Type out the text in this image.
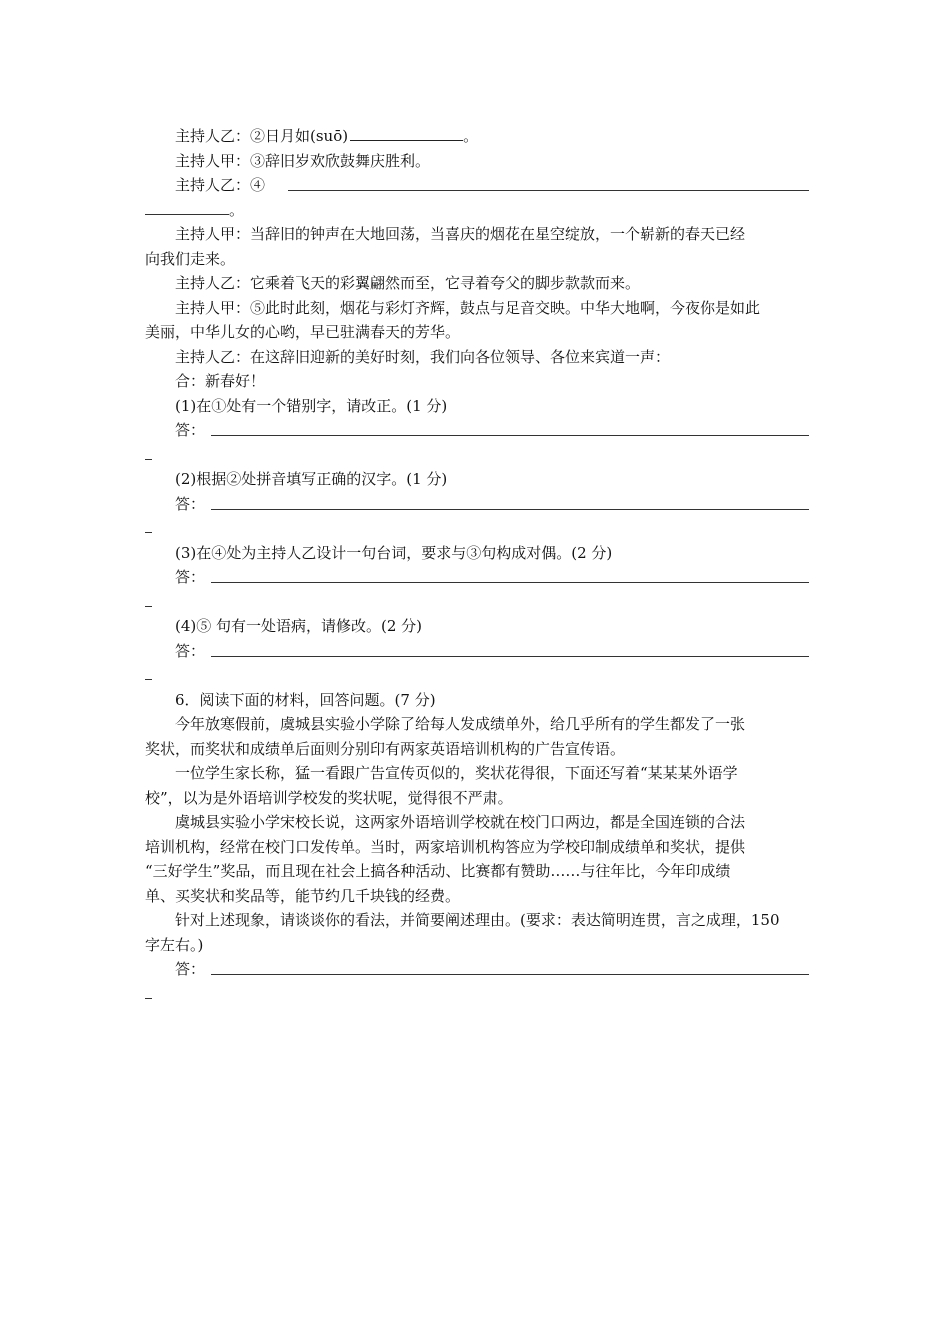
主持人乙：②日月如(suō)	。
主持人甲：③辞旧岁欢欣鼓舞庆胜利。
主持人乙：④
。
主持人甲：当辞旧的钟声在大地回荡，当喜庆的烟花在星空绽放，一个崭新的春天已经
向我们走来。
主持人乙：它乘着飞天的彩翼翩然而至，它寻着夸父的脚步款款而来。
主持人甲：⑤此时此刻，烟花与彩灯齐辉，鼓点与足音交映。中华大地啊，今夜你是如此
美丽，中华儿女的心哟，早已驻满春天的芳华。
主持人乙：在这辞旧迎新的美好时刻，我们向各位领导、各位来宾道一声：
合：新春好！
(1)在①处有一个错别字，请改正。(1 分)
答：
(2)根据②处拼音填写正确的汉字。(1 分)
答：
(3)在④处为主持人乙设计一句台词，要求与③句构成对偶。(2 分)
答：
(4)⑤ 句有一处语病，请修改。(2 分)
答：
6．阅读下面的材料，回答问题。(7 分)
今年放寒假前，虞城县实验小学除了给每人发成绩单外，给几乎所有的学生都发了一张
奖状，而奖状和成绩单后面则分别印有两家英语培训机构的广告宣传语。
一位学生家长称，猛一看跟广告宣传页似的，奖状花得很，下面还写着“某某某外语学
校”，以为是外语培训学校发的奖状呢，觉得很不严肃。
虞城县实验小学宋校长说，这两家外语培训学校就在校门口两边，都是全国连锁的合法
培训机构，经常在校门口发传单。当时，两家培训机构答应为学校印制成绩单和奖状，提供
“三好学生”奖品，而且现在社会上搞各种活动、比赛都有赞助……与往年比，今年印成绩
单、买奖状和奖品等，能节约几千块钱的经费。
针对上述现象，请谈谈你的看法，并简要阐述理由。(要求：表达简明连贯，言之成理，150
字左右。)
答：
